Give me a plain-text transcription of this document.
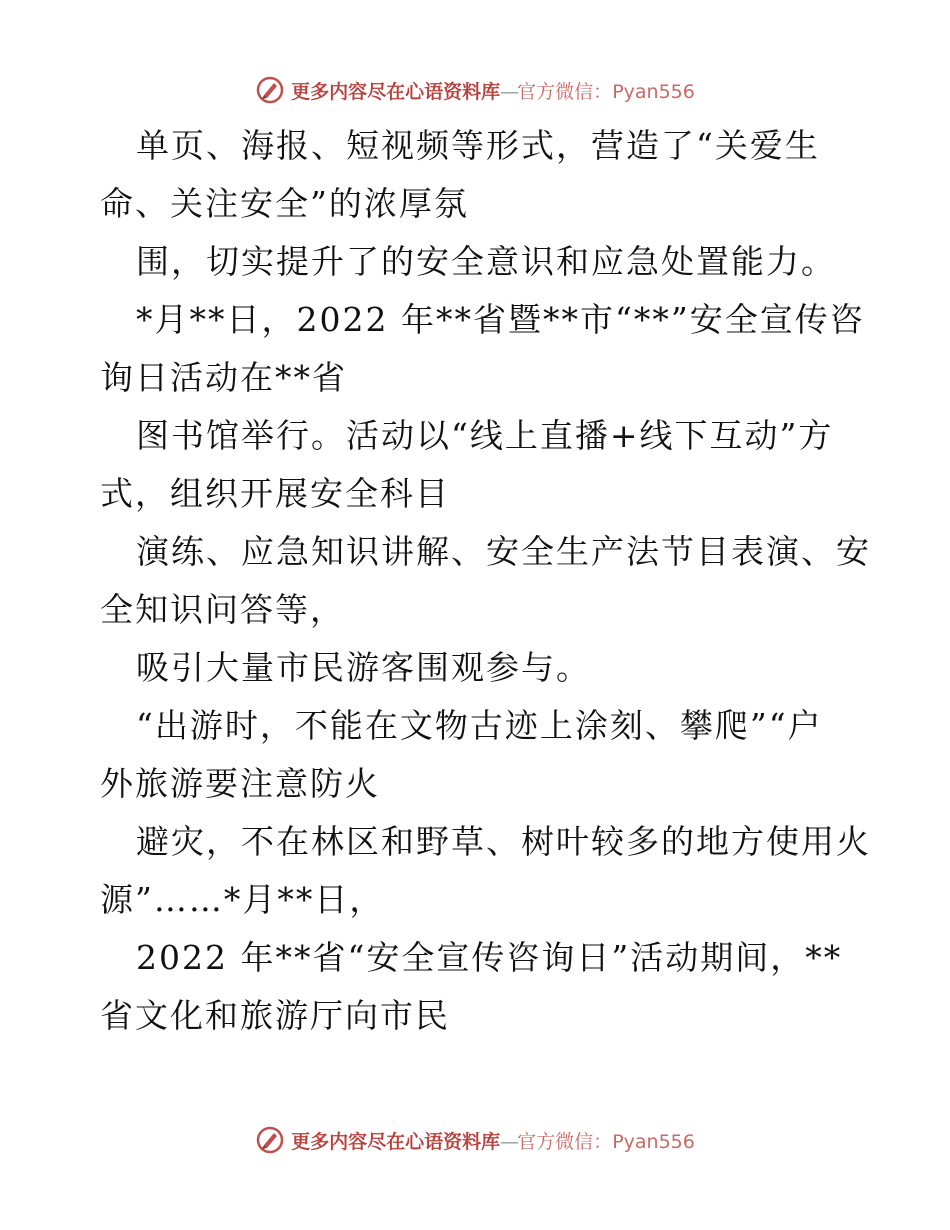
更多内容尽在心语资料库—官方微信：Pyan556
单页、海报、短视频等形式，营造了“关爱生
命、关注安全”的浓厚氛
围，切实提升了的安全意识和应急处置能力。
*月**日，2022 年**省暨**市“**”安全宣传咨
询日活动在**省
图书馆举行。活动以“线上直播+线下互动”方
式，组织开展安全科目
演练、应急知识讲解、安全生产法节目表演、安
全知识问答等，
吸引大量市民游客围观参与。
“出游时，不能在文物古迹上涂刻、攀爬”“户
外旅游要注意防火
避灾，不在林区和野草、树叶较多的地方使用火
源”……*月**日，
2022 年**省“安全宣传咨询日”活动期间，**
省文化和旅游厅向市民
更多内容尽在心语资料库—官方微信：Pyan556
